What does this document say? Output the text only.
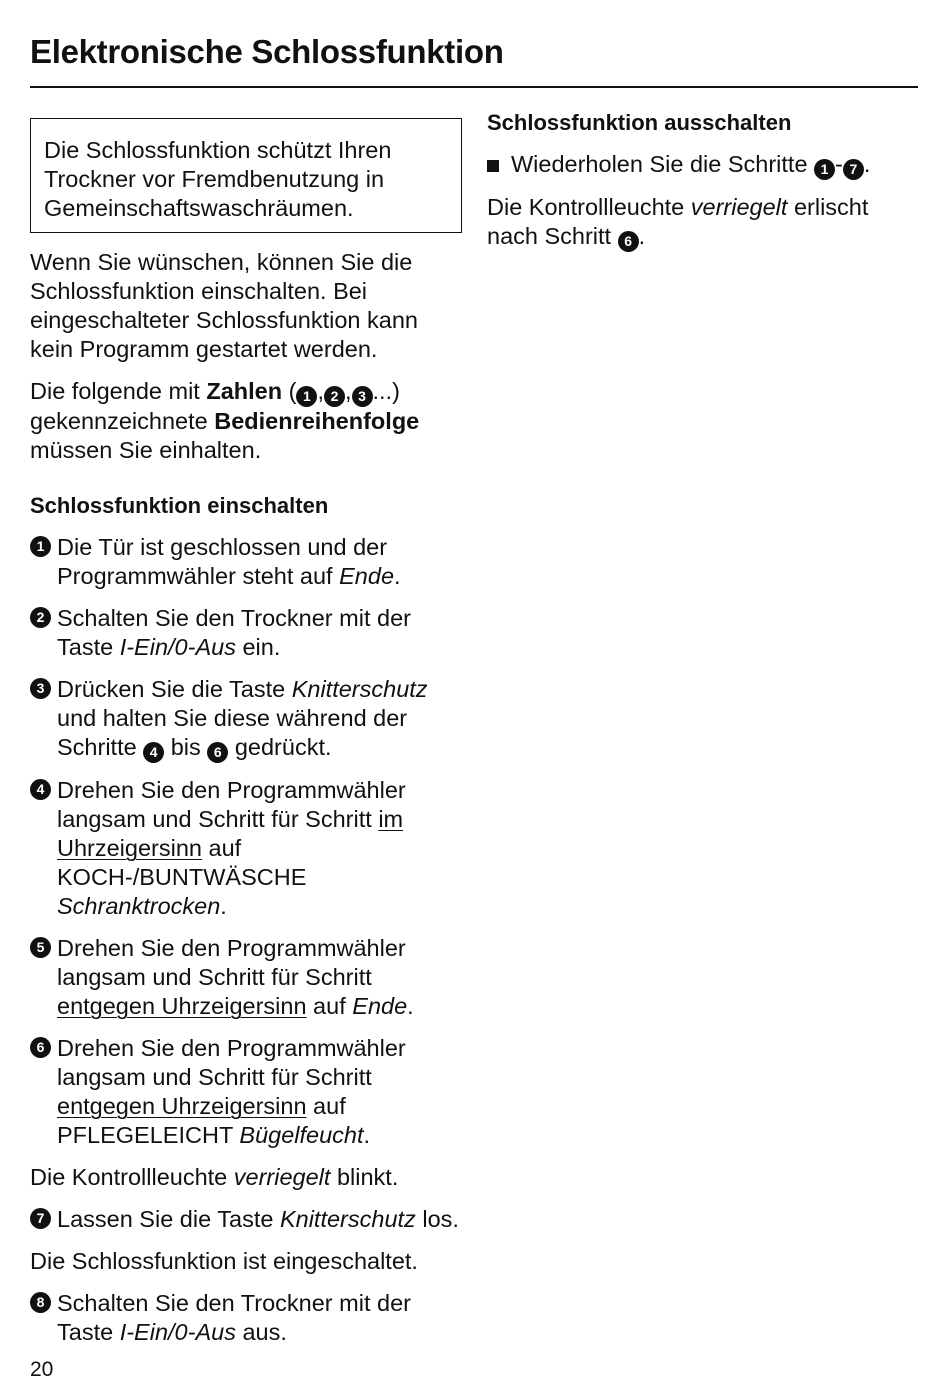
Elektronische Schlossfunktion
Die Schlossfunktion schützt Ihren Trockner vor Fremdbenutzung in Gemeinschaftswaschräumen.

Wenn Sie wünschen, können Sie die Schlossfunktion einschalten. Bei eingeschalteter Schlossfunktion kann kein Programm gestartet werden.

Die folgende mit Zahlen ( 1 , 2 , 3 ...)
gekennzeichnete Bedienreihenfolge müssen Sie einhalten.

Schlossfunktion einschalten
1 Die Tür ist geschlossen und der Programmwähler steht auf Ende.
2 Schalten Sie den Trockner mit der Taste I-Ein/0-Aus ein.
3 Drücken Sie die Taste Knitterschutz und halten Sie diese während der Schritte 4 bis 6 gedrückt.
4 Drehen Sie den Programmwähler langsam und Schritt für Schritt im Uhrzeigersinn auf KOCH-/BUNTWÄSCHE Schranktrocken.
5 Drehen Sie den Programmwähler langsam und Schritt für Schritt entgegen Uhrzeigersinn auf Ende.
6 Drehen Sie den Programmwähler langsam und Schritt für Schritt entgegen Uhrzeigersinn auf PFLEGELEICHT Bügelfeucht.

Die Kontrollleuchte verriegelt blinkt.

7 Lassen Sie die Taste Knitterschutz los.

Die Schlossfunktion ist eingeschaltet.

8 Schalten Sie den Trockner mit der Taste I-Ein/0-Aus aus.
Schlossfunktion ausschalten
Wiederholen Sie die Schritte 1 - 7 .

Die Kontrollleuchte verriegelt erlischt nach Schritt 6 .

20
